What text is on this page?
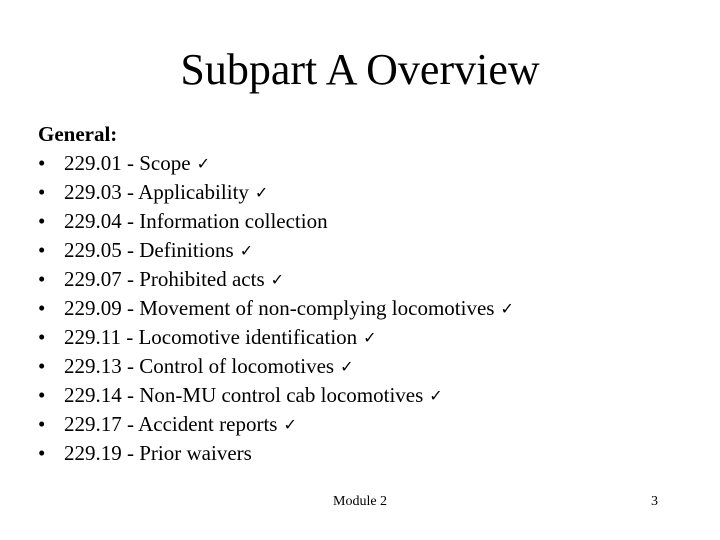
Subpart A Overview
General:
• 229.01 - Scope ✓
• 229.03 - Applicability ✓
• 229.04 - Information collection
• 229.05 - Definitions ✓
• 229.07 - Prohibited acts ✓
• 229.09 - Movement of non-complying locomotives ✓
• 229.11 - Locomotive identification ✓
• 229.13 - Control of locomotives ✓
• 229.14 - Non-MU control cab locomotives ✓
• 229.17 - Accident reports ✓
• 229.19 - Prior waivers
Module 2	3
